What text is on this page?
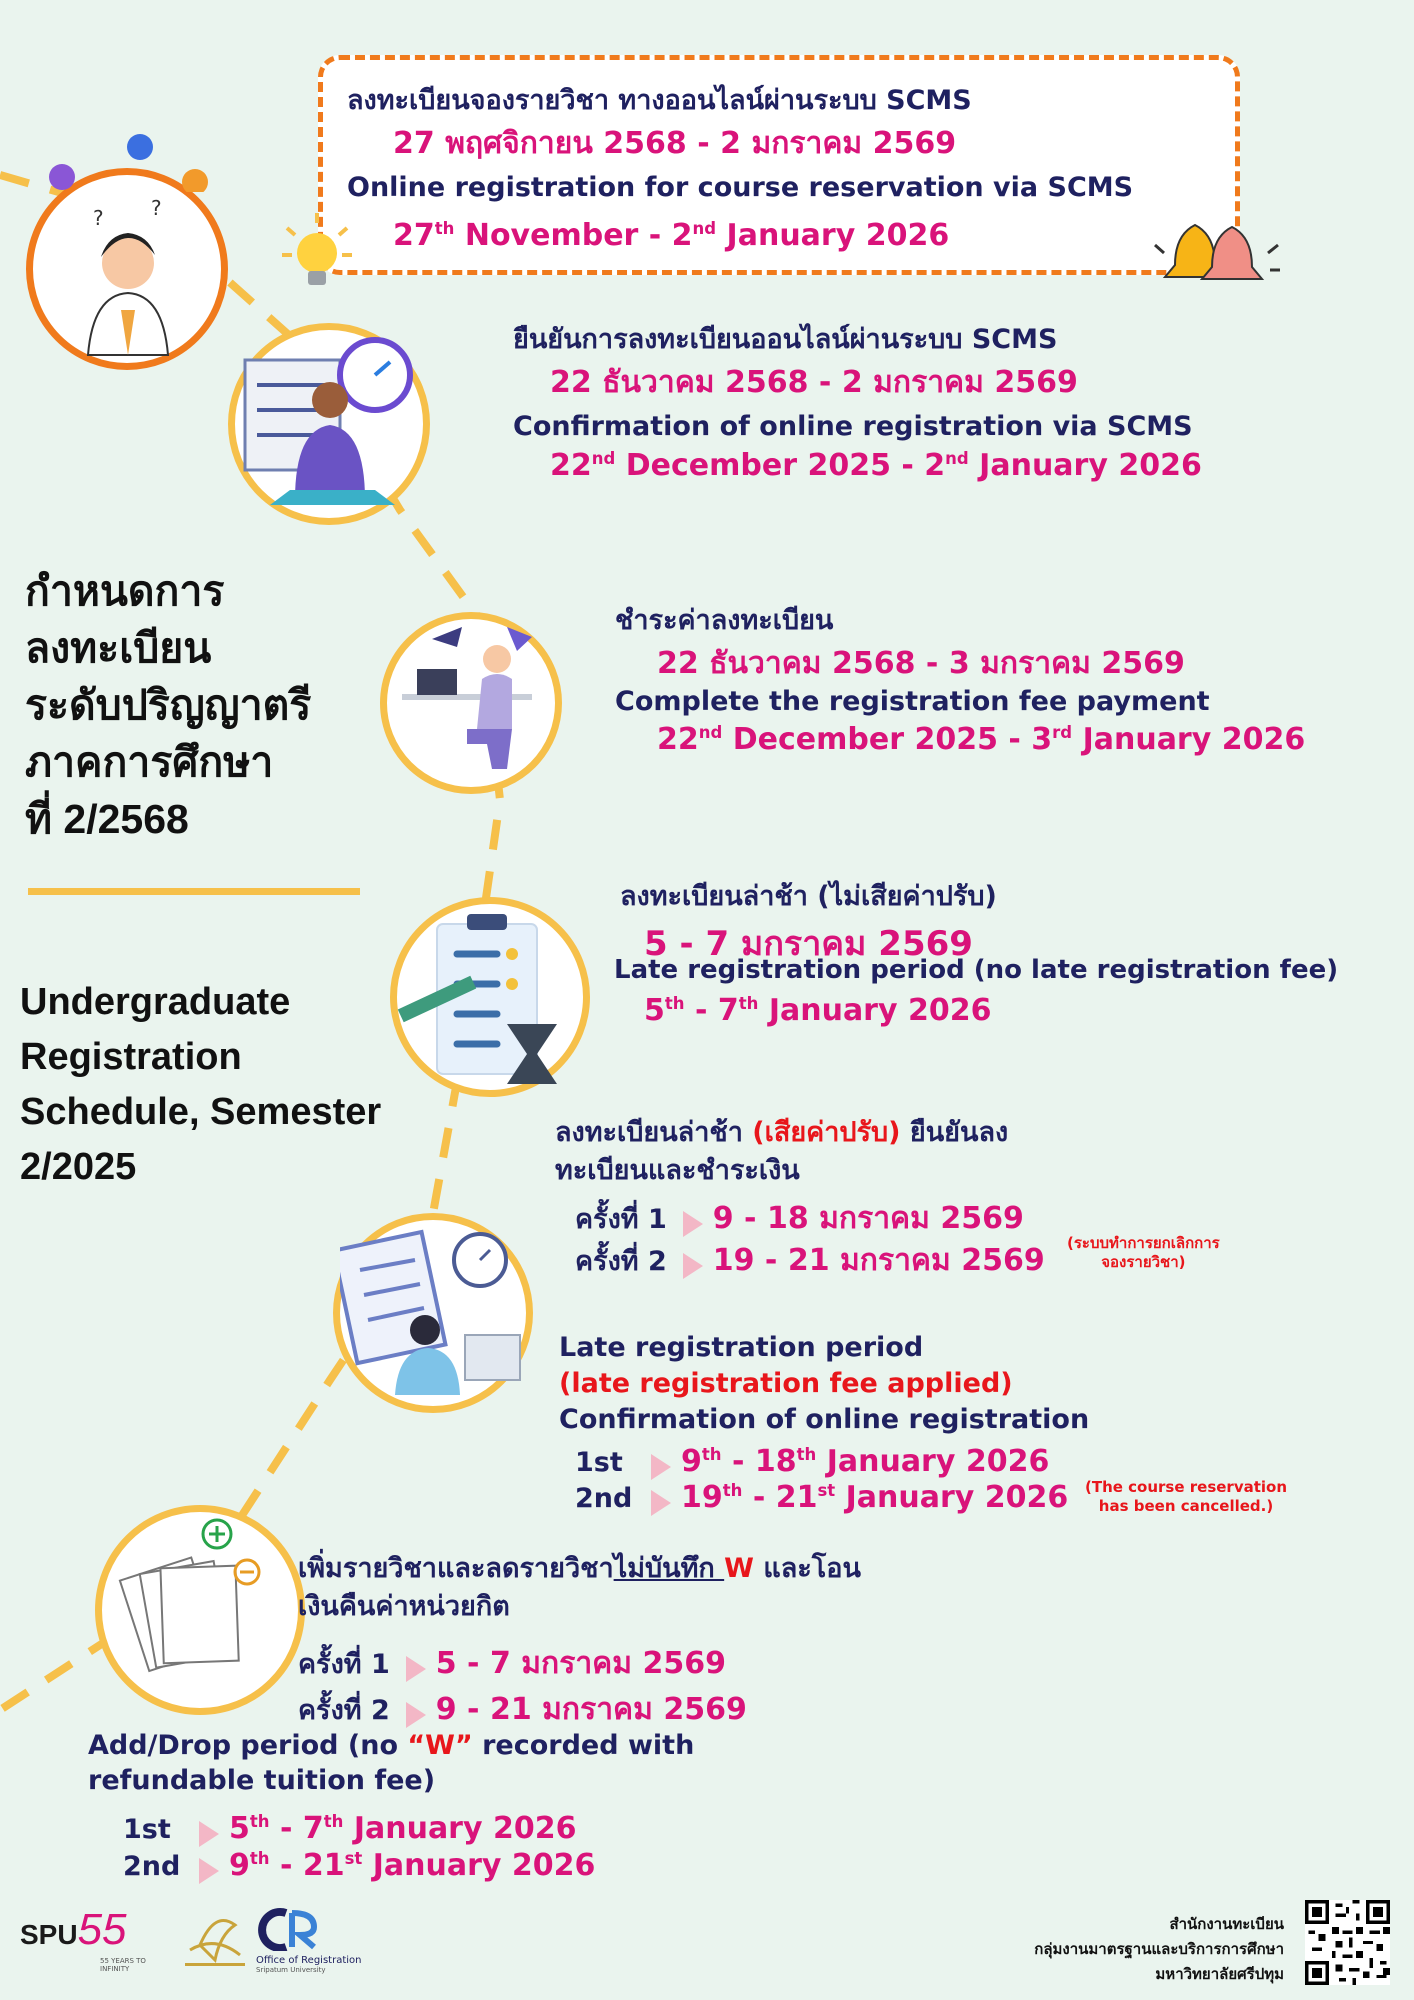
? ?
ลงทะเบียนจองรายวิชา ทางออนไลน์ผ่านระบบ SCMS
27 พฤศจิกายน 2568 - 2 มกราคม 2569
Online registration for course reservation via SCMS
27th November - 2nd January 2026
ยืนยันการลงทะเบียนออนไลน์ผ่านระบบ SCMS
22 ธันวาคม 2568 - 2 มกราคม 2569
Confirmation of online registration via SCMS
22nd December 2025 - 2nd January 2026
กำหนดการ
ลงทะเบียน
ระดับปริญญาตรี
ภาคการศึกษา
ที่ 2/2568
Undergraduate
Registration
Schedule, Semester
2/2025
ชำระค่าลงทะเบียน
22 ธันวาคม 2568 - 3 มกราคม 2569
Complete the registration fee payment
22nd December 2025 - 3rd January 2026
ลงทะเบียนล่าช้า (ไม่เสียค่าปรับ)
5 - 7 มกราคม 2569
Late registration period (no late registration fee)
5th - 7th January 2026
ลงทะเบียนล่าช้า (เสียค่าปรับ) ยืนยันลง
ทะเบียนและชำระเงิน
ครั้งที่ 1 9 - 18 มกราคม 2569
ครั้งที่ 2 19 - 21 มกราคม 2569 (ระบบทำการยกเลิกการ
จองรายวิชา)
Late registration period
(late registration fee applied)
Confirmation of online registration
1st 9th - 18th January 2026
2nd 19th - 21st January 2026 (The course reservation
has been cancelled.)
เพิ่มรายวิชาและลดรายวิชาไม่บันทึก W และโอน
เงินคืนค่าหน่วยกิต
ครั้งที่ 1 5 - 7 มกราคม 2569
ครั้งที่ 2 9 - 21 มกราคม 2569
Add/Drop period (no “W” recorded with
refundable tuition fee)
1st 5th - 7th January 2026
2nd 9th - 21st January 2026
SPU55
55 YEARS TO INFINITY
Office of Registration
Sripatum University
สำนักงานทะเบียน
กลุ่มงานมาตรฐานและบริการการศึกษา
มหาวิทยาลัยศรีปทุม
